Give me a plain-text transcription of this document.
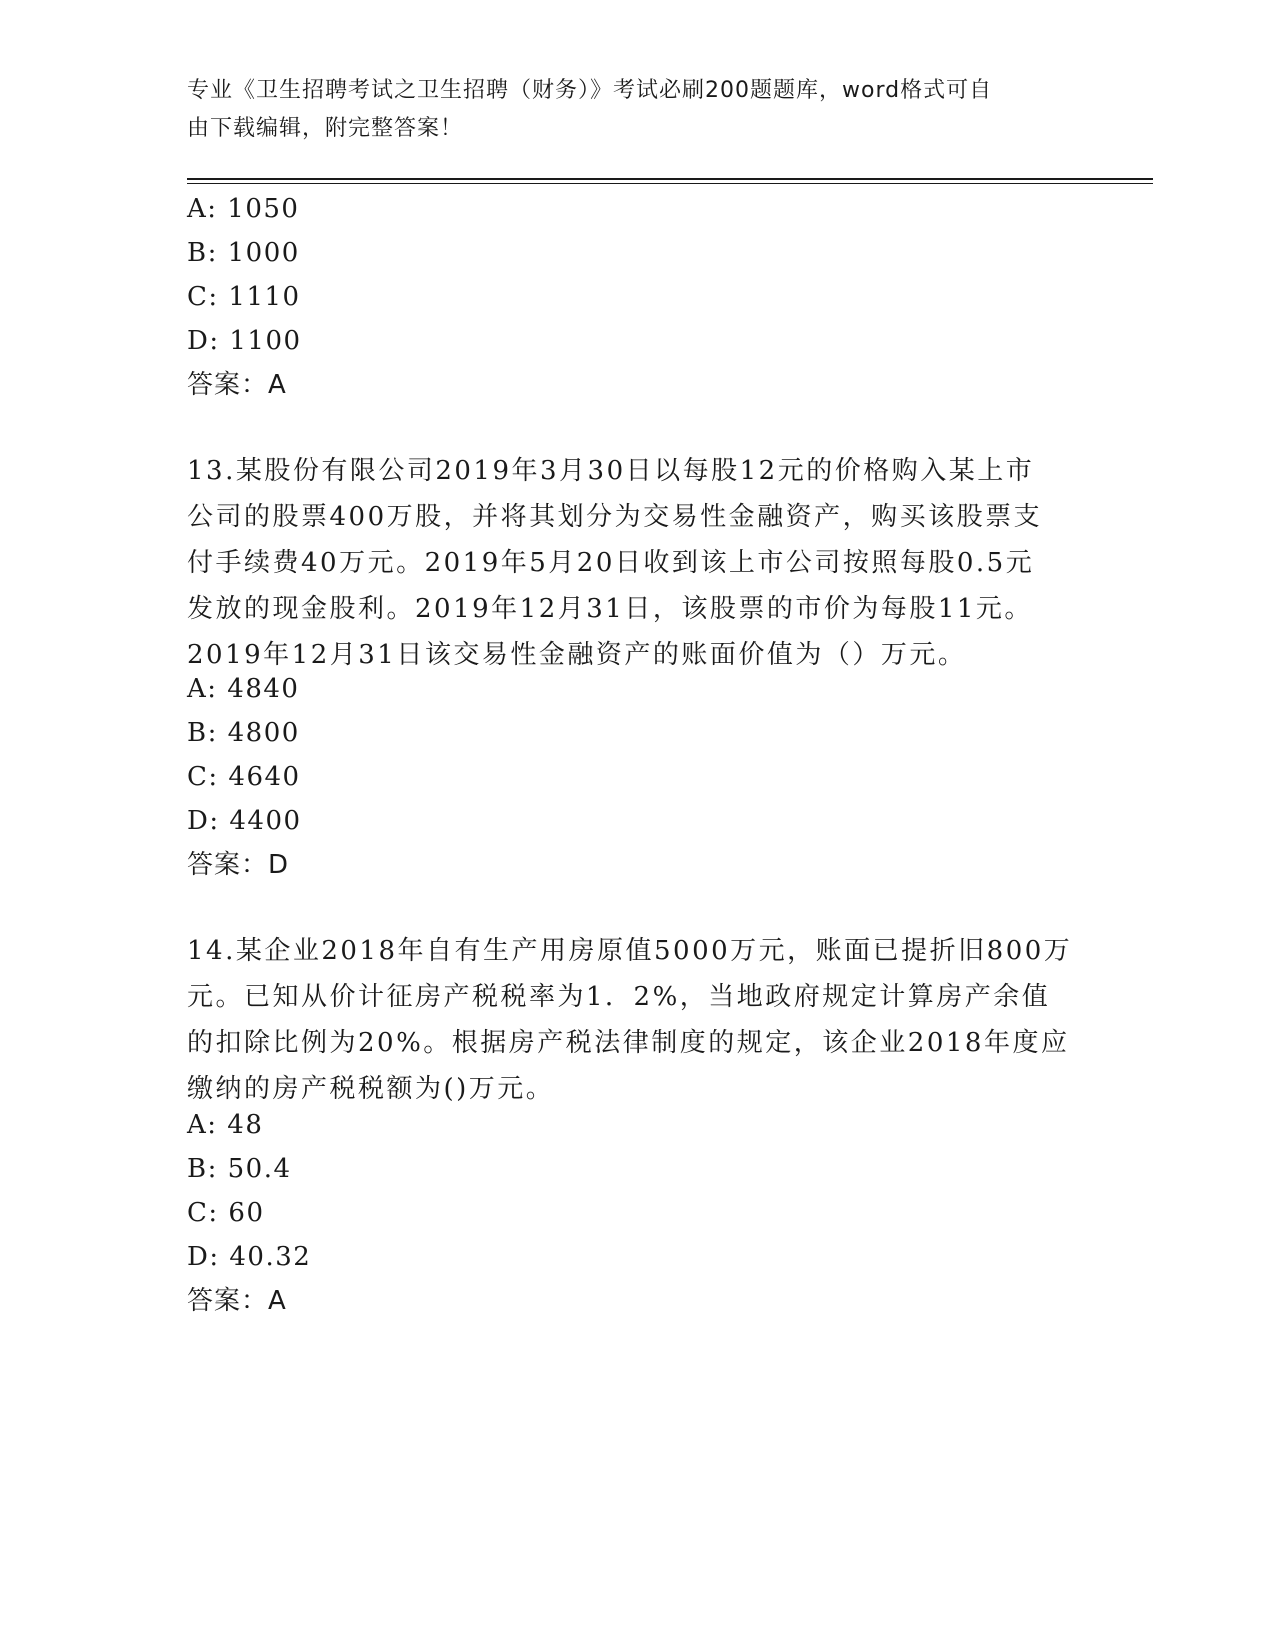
专业《卫生招聘考试之卫生招聘（财务）》考试必刷200题题库，word格式可自
由下载编辑，附完整答案！
A: 1050
B: 1000
C: 1110
D: 1100
答案：A
13.某股份有限公司2019年3月30日以每股12元的价格购入某上市
公司的股票400万股，并将其划分为交易性金融资产，购买该股票支
付手续费40万元。2019年5月20日收到该上市公司按照每股0.5元
发放的现金股利。2019年12月31日，该股票的市价为每股11元。
2019年12月31日该交易性金融资产的账面价值为（）万元。
A: 4840
B: 4800
C: 4640
D: 4400
答案：D
14.某企业2018年自有生产用房原值5000万元，账面已提折旧800万
元。已知从价计征房产税税率为1．2%，当地政府规定计算房产余值
的扣除比例为20%。根据房产税法律制度的规定，该企业2018年度应
缴纳的房产税税额为()万元。
A: 48
B: 50.4
C: 60
D: 40.32
答案：A
